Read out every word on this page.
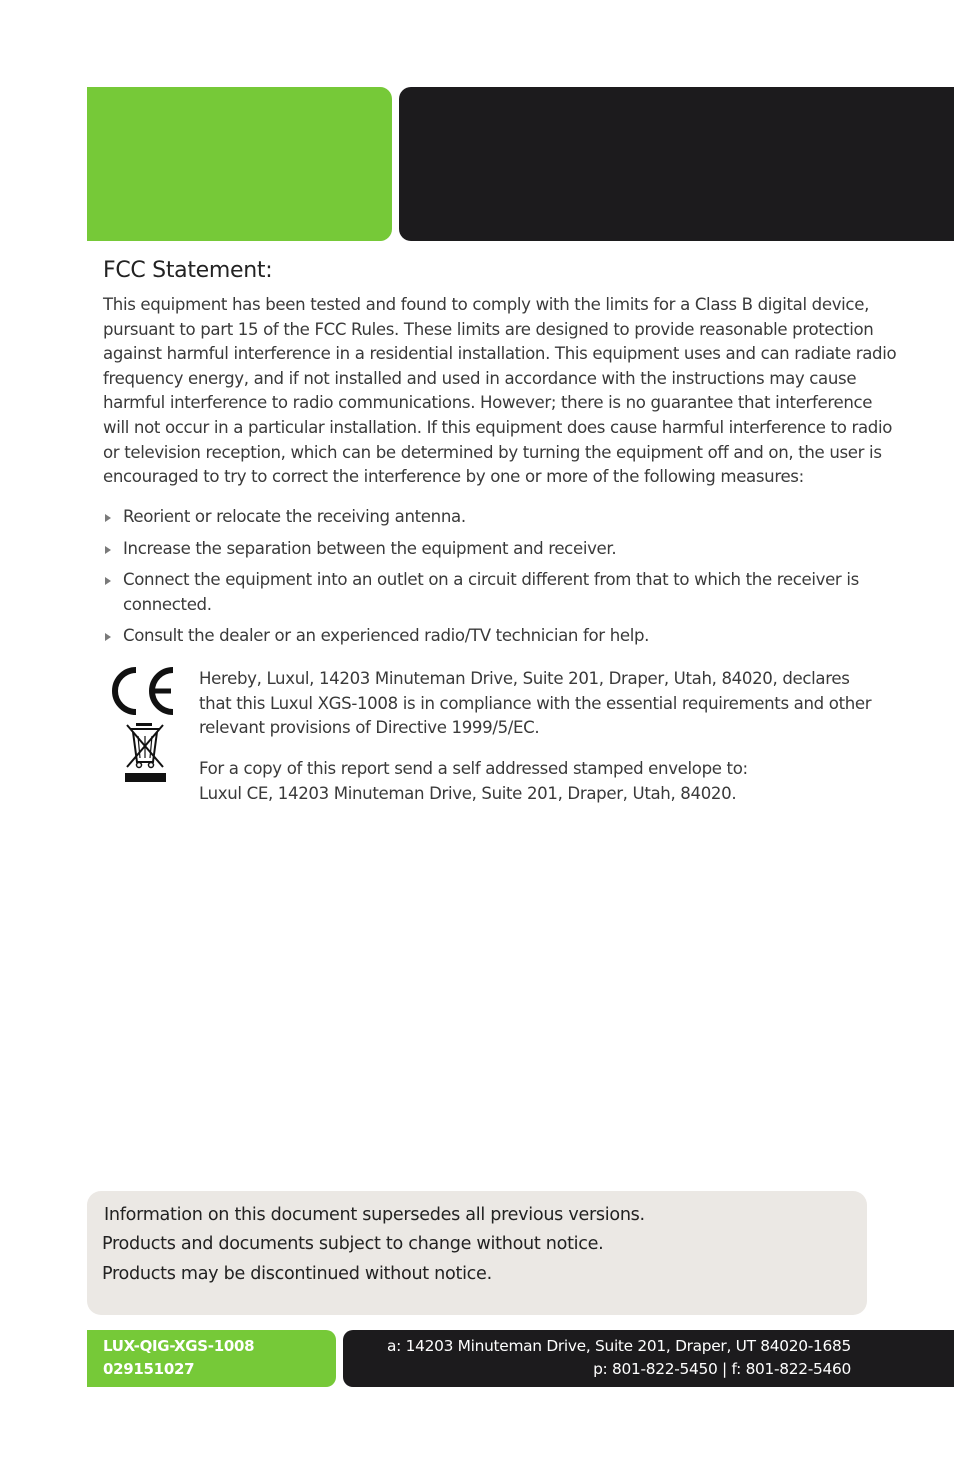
FCC Statement:

This equipment has been tested and found to comply with the limits for a Class B digital device, pursuant to part 15 of the FCC Rules. These limits are designed to provide reasonable protection against harmful interference in a residential installation. This equipment uses and can radiate radio frequency energy, and if not installed and used in accordance with the instructions may cause harmful interference to radio communications. However; there is no guarantee that interference will not occur in a particular installation. If this equipment does cause harmful interference to radio or television reception, which can be determined by turning the equipment off and on, the user is encouraged to try to correct the interference by one or more of the following measures:

Reorient or relocate the receiving antenna.
Increase the separation between the equipment and receiver.
Connect the equipment into an outlet on a circuit different from that to which the receiver is connected.
Consult the dealer or an experienced radio/TV technician for help.

Hereby, Luxul, 14203 Minuteman Drive, Suite 201, Draper, Utah, 84020, declares that this Luxul XGS-1008 is in compliance with the essential requirements and other relevant provisions of Directive 1999/5/EC.

For a copy of this report send a self addressed stamped envelope to:
Luxul CE, 14203 Minuteman Drive, Suite 201, Draper, Utah, 84020.

Information on this document supersedes all previous versions.

Products and documents subject to change without notice.

Products may be discontinued without notice.

LUX-QIG-XGS-1008

029151027

a: 14203 Minuteman Drive, Suite 201, Draper, UT 84020-1685

p: 801-822-5450 | f: 801-822-5460
